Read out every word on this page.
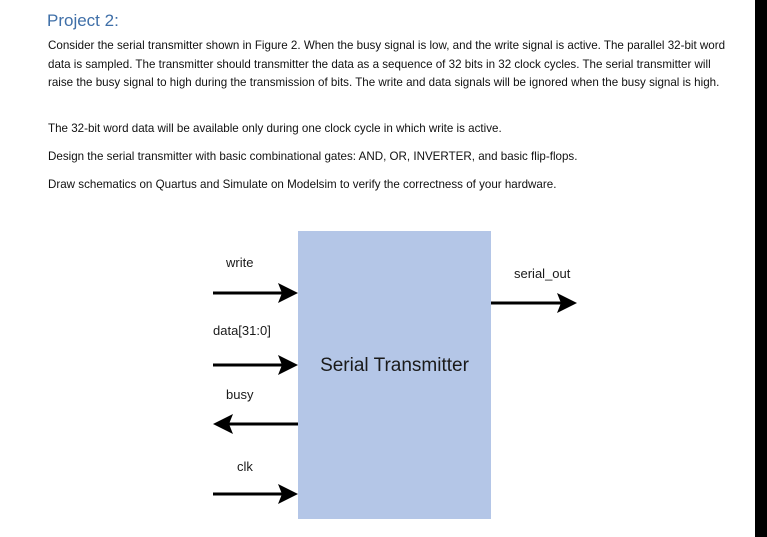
Project 2:

Consider the serial transmitter shown in Figure 2. When the busy signal is low, and the write signal is active. The parallel 32-bit word data is sampled. The transmitter should transmitter the data as a sequence of 32 bits in 32 clock cycles. The serial transmitter will raise the busy signal to high during the transmission of bits. The write and data signals will be ignored when the busy signal is high.

The 32-bit word data will be available only during one clock cycle in which write is active.

Design the serial transmitter with basic combinational gates: AND, OR, INVERTER, and basic flip-flops.

Draw schematics on Quartus and Simulate on Modelsim to verify the correctness of your hardware.

Serial Transmitter
write
data[31:0]
busy
clk
serial_out
